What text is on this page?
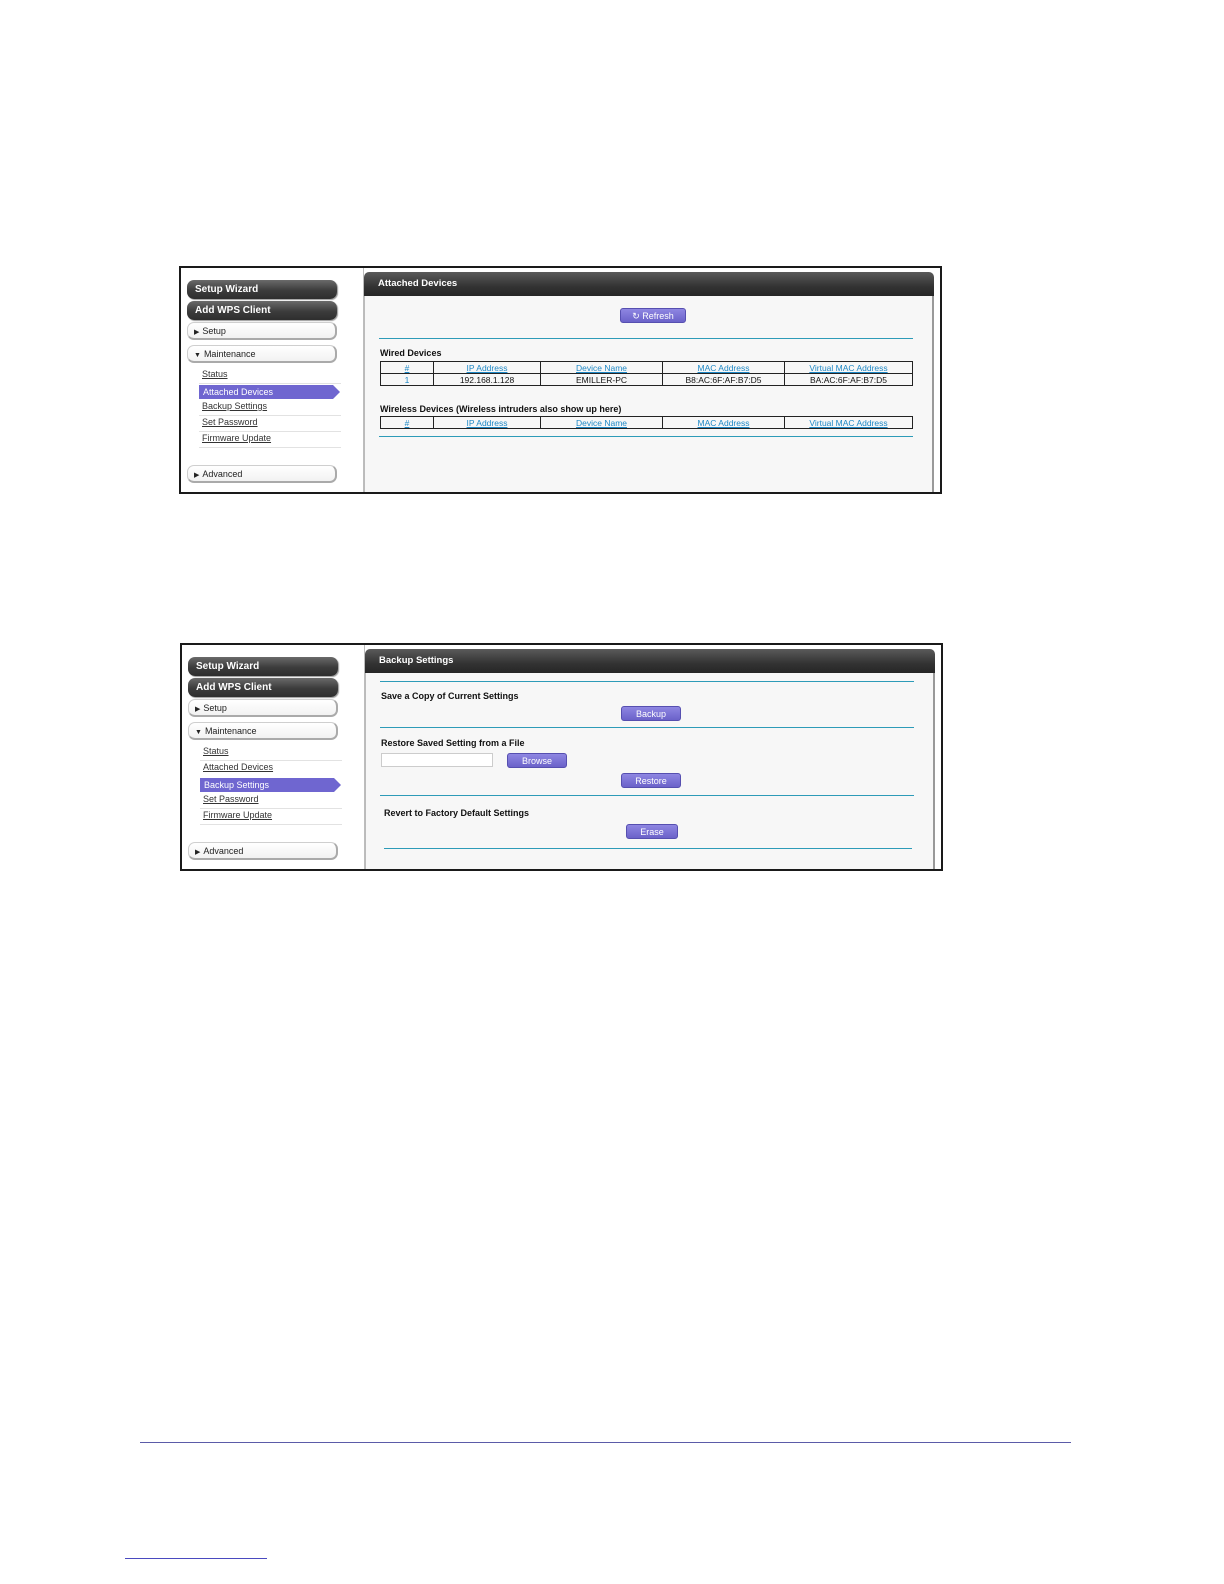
Setup Wizard
Add WPS Client
▶ Setup
▼ Maintenance
Status
Attached Devices
Backup Settings
Set Password
Firmware Update
▶ Advanced
Attached Devices
↻ Refresh
Wired Devices
#	IP Address	Device Name	MAC Address	Virtual MAC Address
1	192.168.1.128	EMILLER-PC	B8:AC:6F:AF:B7:D5	BA:AC:6F:AF:B7:D5
Wireless Devices (Wireless intruders also show up here)
#	IP Address	Device Name	MAC Address	Virtual MAC Address
Setup Wizard
Add WPS Client
▶ Setup
▼ Maintenance
Status
Attached Devices
Backup Settings
Set Password
Firmware Update
▶ Advanced
Backup Settings
Save a Copy of Current Settings
Backup
Restore Saved Setting from a File
Browse
Restore
Revert to Factory Default Settings
Erase
